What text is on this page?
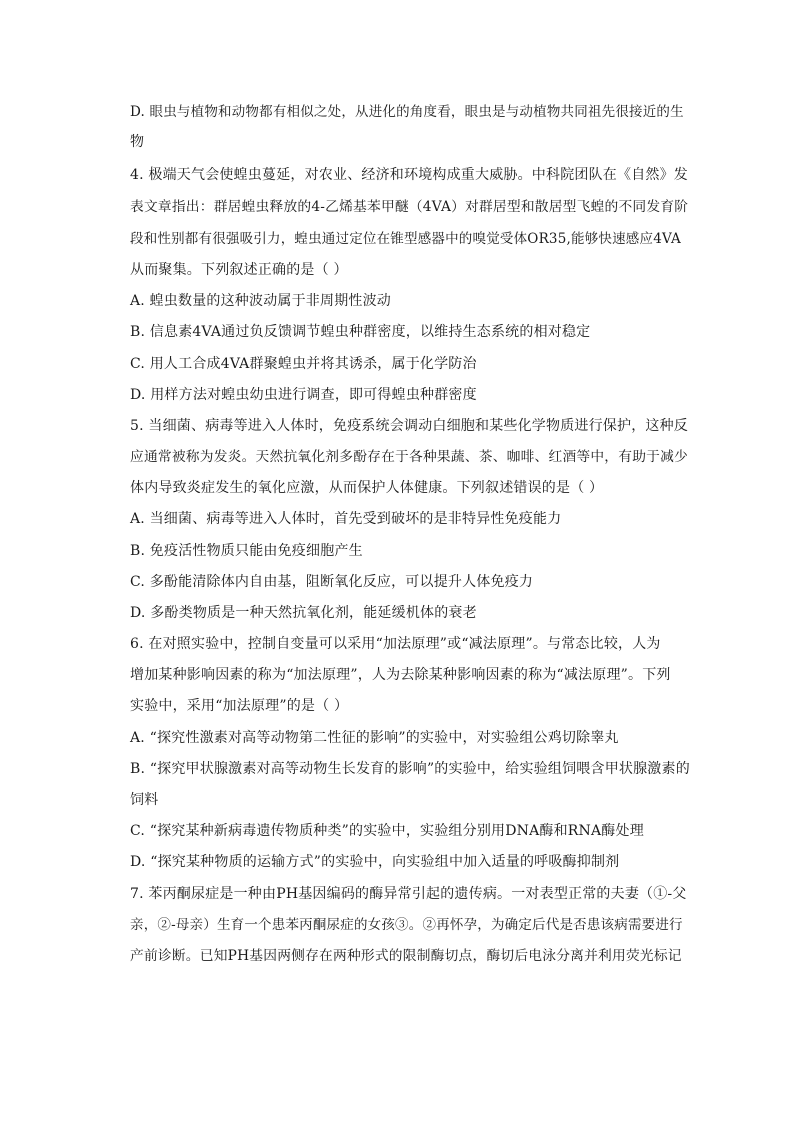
D. 眼虫与植物和动物都有相似之处，从进化的角度看，眼虫是与动植物共同祖先很接近的生
物
4. 极端天气会使蝗虫蔓延，对农业、经济和环境构成重大威胁。中科院团队在《自然》发
表文章指出：群居蝗虫释放的4-乙烯基苯甲醚（4VA）对群居型和散居型飞蝗的不同发育阶
段和性别都有很强吸引力，蝗虫通过定位在锥型感器中的嗅觉受体OR35,能够快速感应4VA
从而聚集。下列叙述正确的是（ ）
A. 蝗虫数量的这种波动属于非周期性波动
B. 信息素4VA通过负反馈调节蝗虫种群密度，以维持生态系统的相对稳定
C. 用人工合成4VA群聚蝗虫并将其诱杀，属于化学防治
D. 用样方法对蝗虫幼虫进行调查，即可得蝗虫种群密度
5. 当细菌、病毒等进入人体时，免疫系统会调动白细胞和某些化学物质进行保护，这种反
应通常被称为发炎。天然抗氧化剂多酚存在于各种果蔬、茶、咖啡、红酒等中，有助于减少
体内导致炎症发生的氧化应激，从而保护人体健康。下列叙述错误的是（ ）
A. 当细菌、病毒等进入人体时，首先受到破坏的是非特异性免疫能力
B. 免疫活性物质只能由免疫细胞产生
C. 多酚能清除体内自由基，阻断氧化反应，可以提升人体免疫力
D. 多酚类物质是一种天然抗氧化剂，能延缓机体的衰老
6. 在对照实验中，控制自变量可以采用“加法原理”或“减法原理”。与常态比较，人为
增加某种影响因素的称为“加法原理”，人为去除某种影响因素的称为“减法原理”。下列
实验中，采用“加法原理”的是（ ）
A. “探究性激素对高等动物第二性征的影响”的实验中，对实验组公鸡切除睾丸
B. “探究甲状腺激素对高等动物生长发育的影响”的实验中，给实验组饲喂含甲状腺激素的
饲料
C. “探究某种新病毒遗传物质种类”的实验中，实验组分别用DNA酶和RNA酶处理
D. “探究某种物质的运输方式”的实验中，向实验组中加入适量的呼吸酶抑制剂
7. 苯丙酮尿症是一种由PH基因编码的酶异常引起的遗传病。一对表型正常的夫妻（①-父
亲，②-母亲）生育一个患苯丙酮尿症的女孩③。②再怀孕，为确定后代是否患该病需要进行
产前诊断。已知PH基因两侧存在两种形式的限制酶切点，酶切后电泳分离并利用荧光标记
